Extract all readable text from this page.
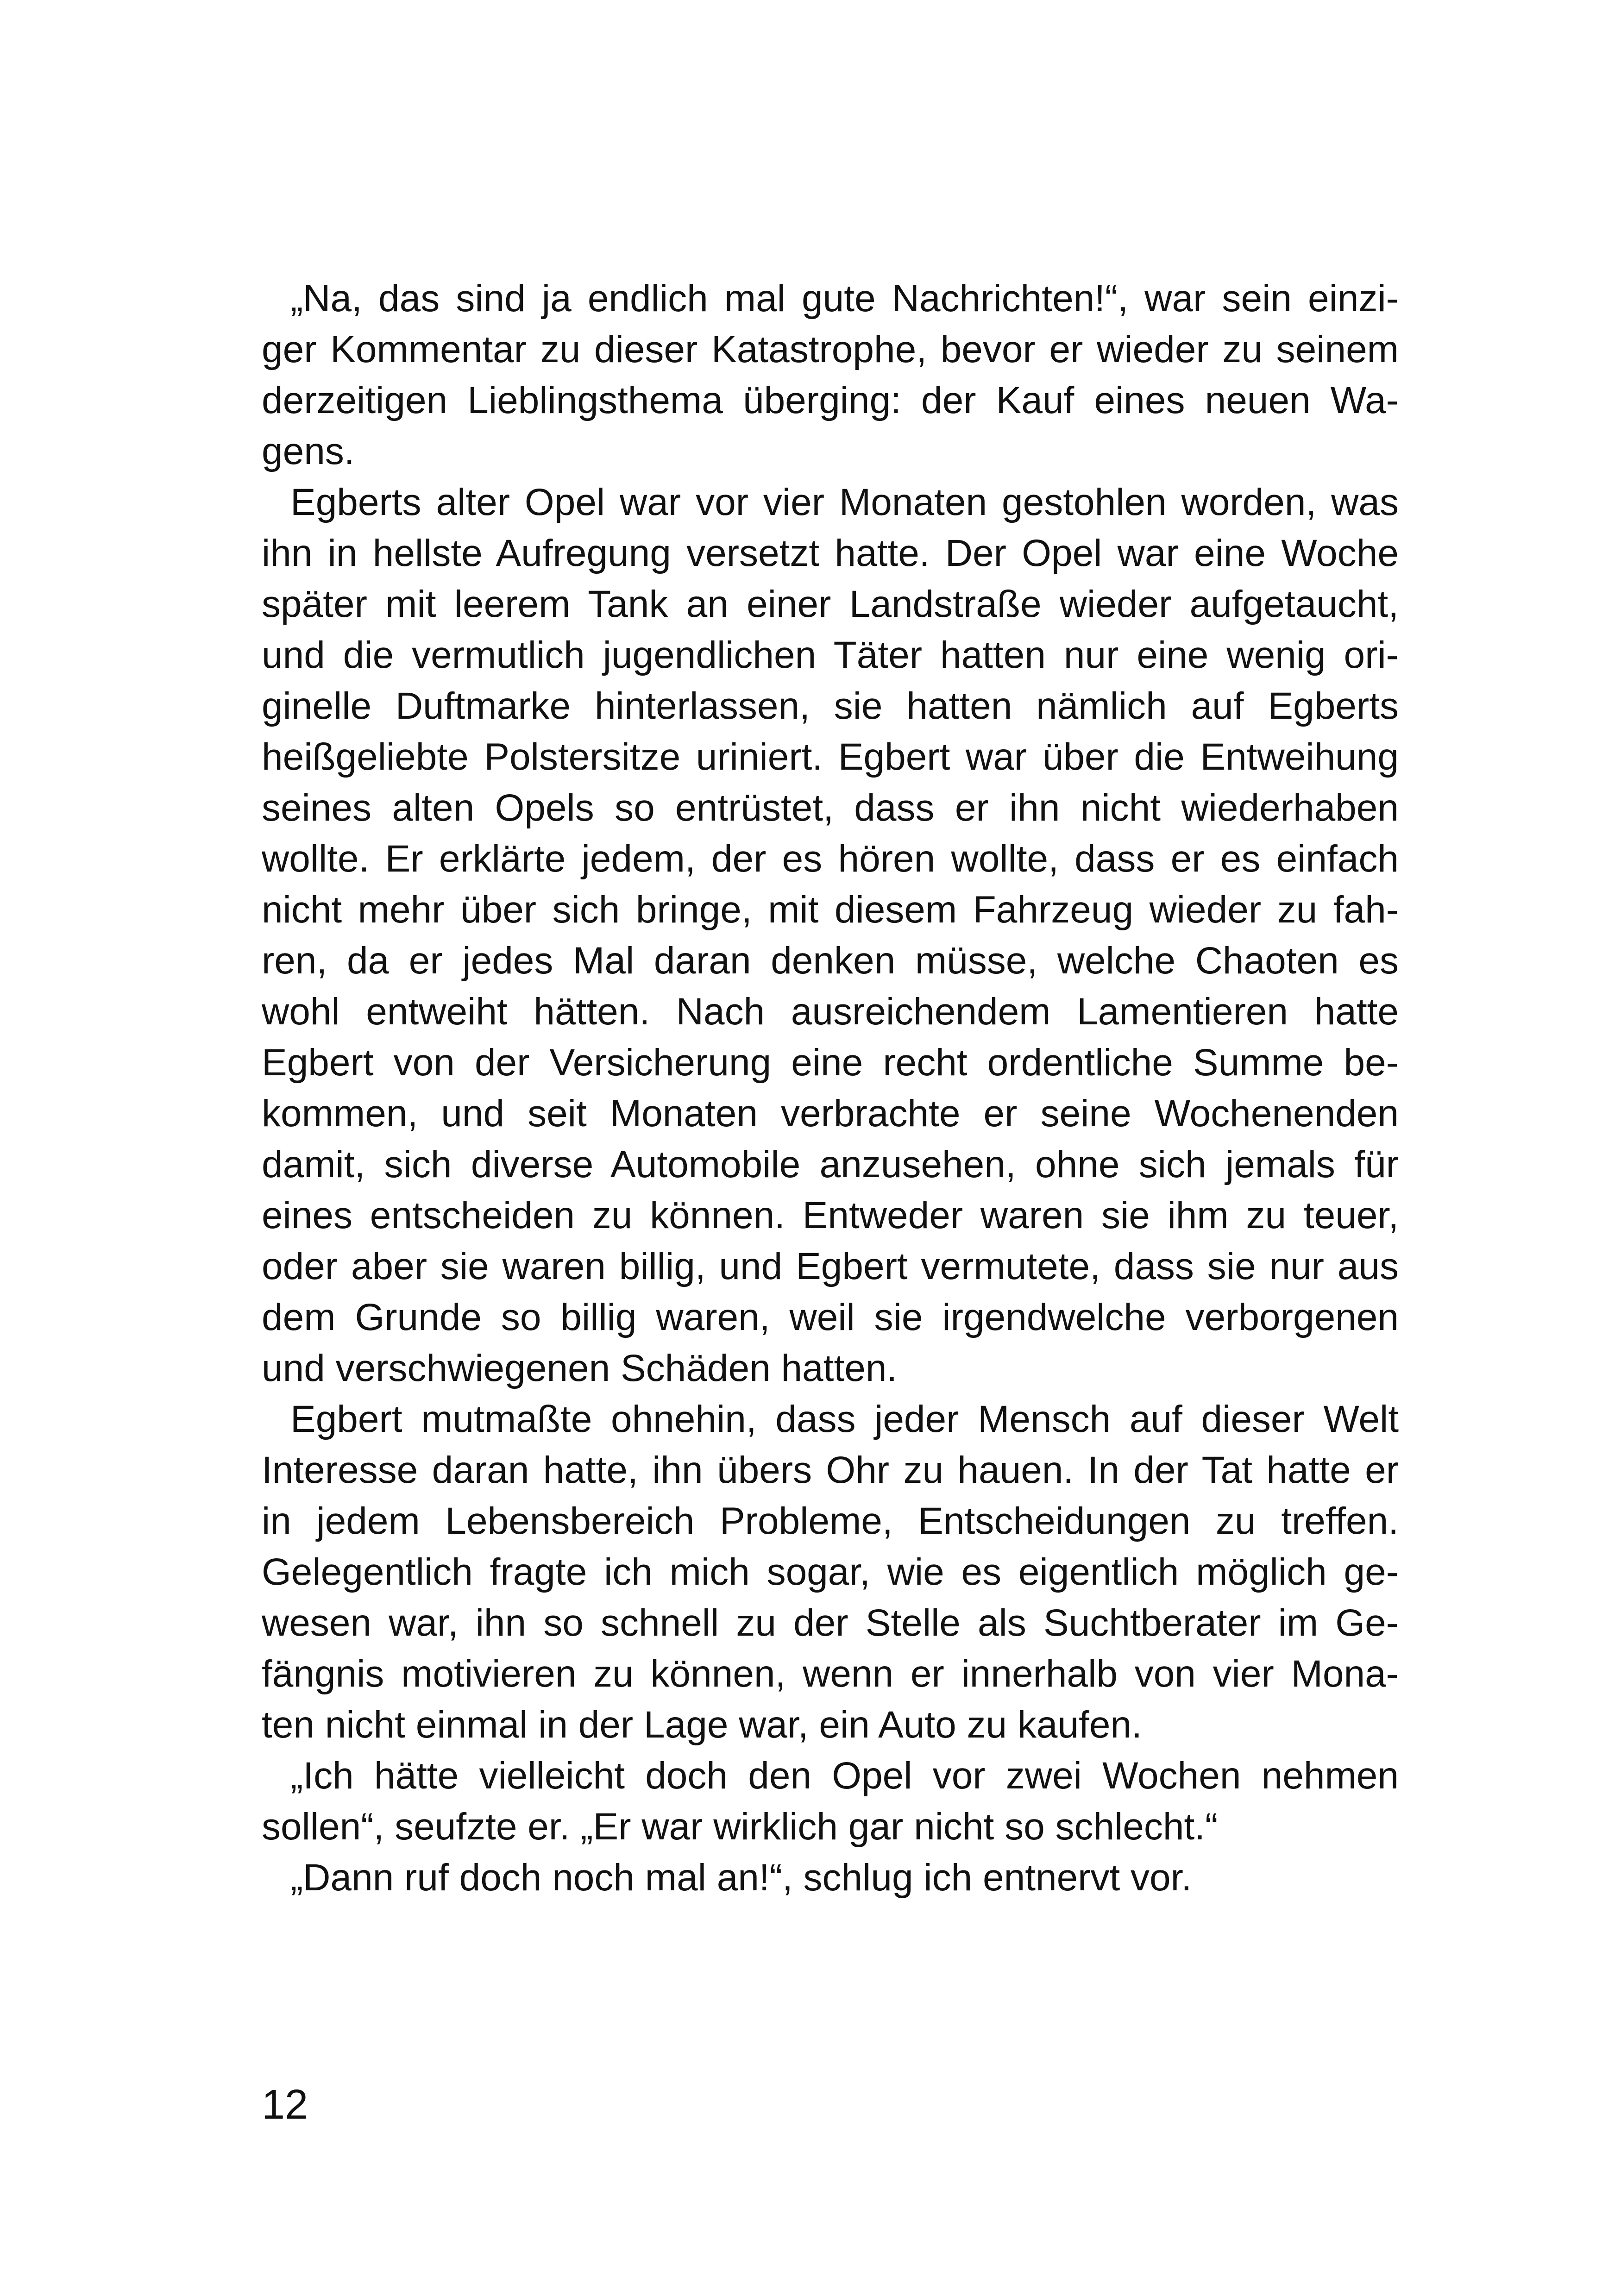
„Na, das sind ja endlich mal gute Nachrichten!“, war sein einzi-
ger Kommentar zu dieser Katastrophe, bevor er wieder zu seinem
derzeitigen Lieblingsthema überging: der Kauf eines neuen Wa-
gens.
Egberts alter Opel war vor vier Monaten gestohlen worden, was
ihn in hellste Aufregung versetzt hatte. Der Opel war eine Woche
später mit leerem Tank an einer Landstraße wieder aufgetaucht,
und die vermutlich jugendlichen Täter hatten nur eine wenig ori-
ginelle Duftmarke hinterlassen, sie hatten nämlich auf Egberts
heißgeliebte Polstersitze uriniert. Egbert war über die Entweihung
seines alten Opels so entrüstet, dass er ihn nicht wiederhaben
wollte. Er erklärte jedem, der es hören wollte, dass er es einfach
nicht mehr über sich bringe, mit diesem Fahrzeug wieder zu fah-
ren, da er jedes Mal daran denken müsse, welche Chaoten es
wohl entweiht hätten. Nach ausreichendem Lamentieren hatte
Egbert von der Versicherung eine recht ordentliche Summe be-
kommen, und seit Monaten verbrachte er seine Wochenenden
damit, sich diverse Automobile anzusehen, ohne sich jemals für
eines entscheiden zu können. Entweder waren sie ihm zu teuer,
oder aber sie waren billig, und Egbert vermutete, dass sie nur aus
dem Grunde so billig waren, weil sie irgendwelche verborgenen
und verschwiegenen Schäden hatten.
Egbert mutmaßte ohnehin, dass jeder Mensch auf dieser Welt
Interesse daran hatte, ihn übers Ohr zu hauen. In der Tat hatte er
in jedem Lebensbereich Probleme, Entscheidungen zu treffen.
Gelegentlich fragte ich mich sogar, wie es eigentlich möglich ge-
wesen war, ihn so schnell zu der Stelle als Suchtberater im Ge-
fängnis motivieren zu können, wenn er innerhalb von vier Mona-
ten nicht einmal in der Lage war, ein Auto zu kaufen.
„Ich hätte vielleicht doch den Opel vor zwei Wochen nehmen
sollen“, seufzte er. „Er war wirklich gar nicht so schlecht.“
„Dann ruf doch noch mal an!“, schlug ich entnervt vor.
12
